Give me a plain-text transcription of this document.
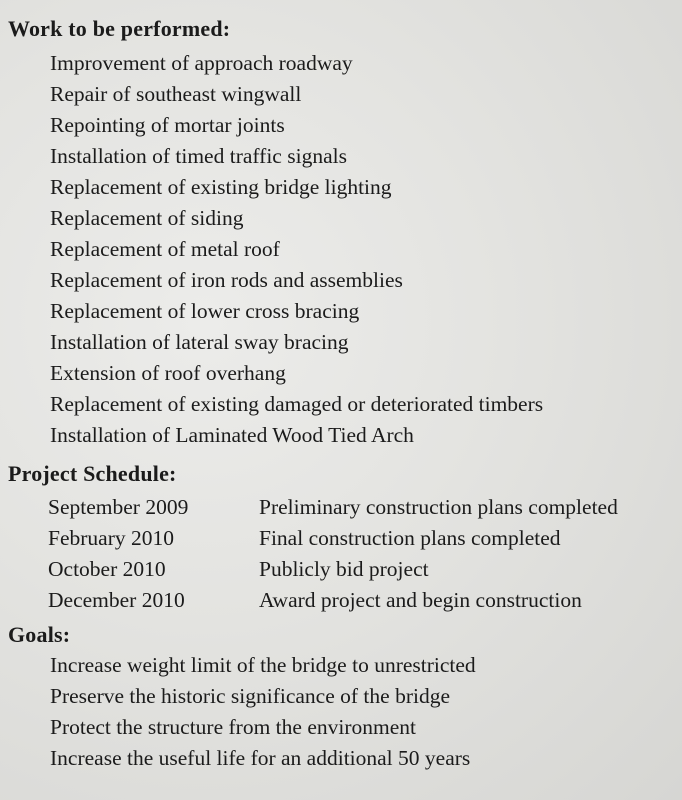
Work to be performed:
Improvement of approach roadway
Repair of southeast wingwall
Repointing of mortar joints
Installation of timed traffic signals
Replacement of existing bridge lighting
Replacement of siding
Replacement of metal roof
Replacement of iron rods and assemblies
Replacement of lower cross bracing
Installation of lateral sway bracing
Extension of roof overhang
Replacement of existing damaged or deteriorated timbers
Installation of Laminated Wood Tied Arch
Project Schedule:
September 2009	Preliminary construction plans completed
February 2010	Final construction plans completed
October 2010	Publicly bid project
December 2010	Award project and begin construction
Goals:
Increase weight limit of the bridge to unrestricted
Preserve the historic significance of the bridge
Protect the structure from the environment
Increase the useful life for an additional 50 years
